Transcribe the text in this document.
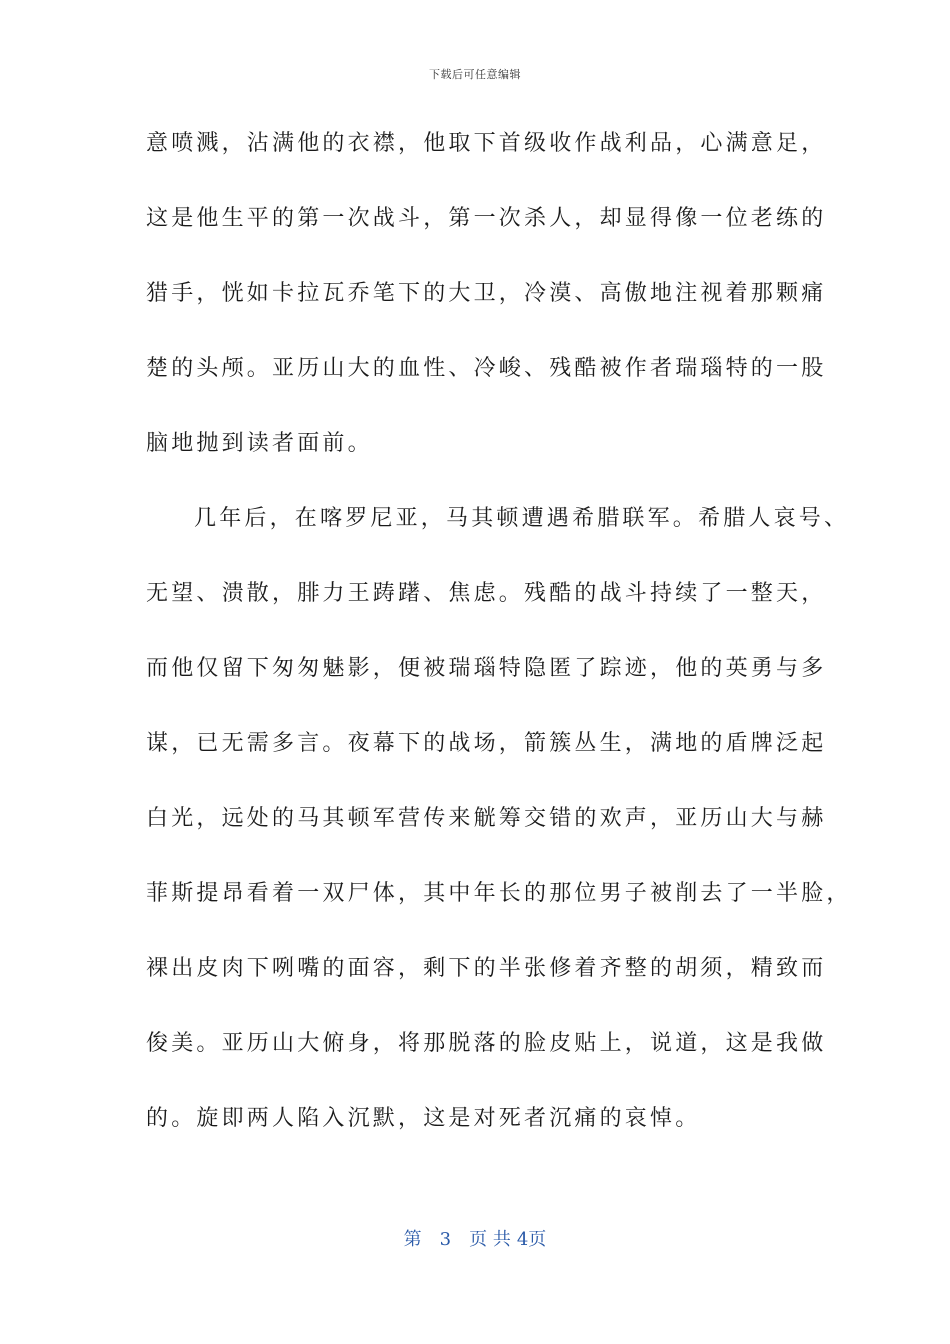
下载后可任意编辑
意喷溅，沾满他的衣襟，他取下首级收作战利品，心满意足，
这是他生平的第一次战斗，第一次杀人，却显得像一位老练的
猎手，恍如卡拉瓦乔笔下的大卫，冷漠、高傲地注视着那颗痛
楚的头颅。亚历山大的血性、冷峻、残酷被作者瑞瑙特的一股
脑地抛到读者面前。
几年后，在喀罗尼亚，马其顿遭遇希腊联军。希腊人哀号、
无望、溃散，腓力王踌躇、焦虑。残酷的战斗持续了一整天，
而他仅留下匆匆魅影，便被瑞瑙特隐匿了踪迹，他的英勇与多
谋，已无需多言。夜幕下的战场，箭簇丛生，满地的盾牌泛起
白光，远处的马其顿军营传来觥筹交错的欢声，亚历山大与赫
菲斯提昂看着一双尸体，其中年长的那位男子被削去了一半脸，
裸出皮肉下咧嘴的面容，剩下的半张修着齐整的胡须，精致而
俊美。亚历山大俯身，将那脱落的脸皮贴上，说道，这是我做
的。旋即两人陷入沉默，这是对死者沉痛的哀悼。
第 3 页 共 4页
